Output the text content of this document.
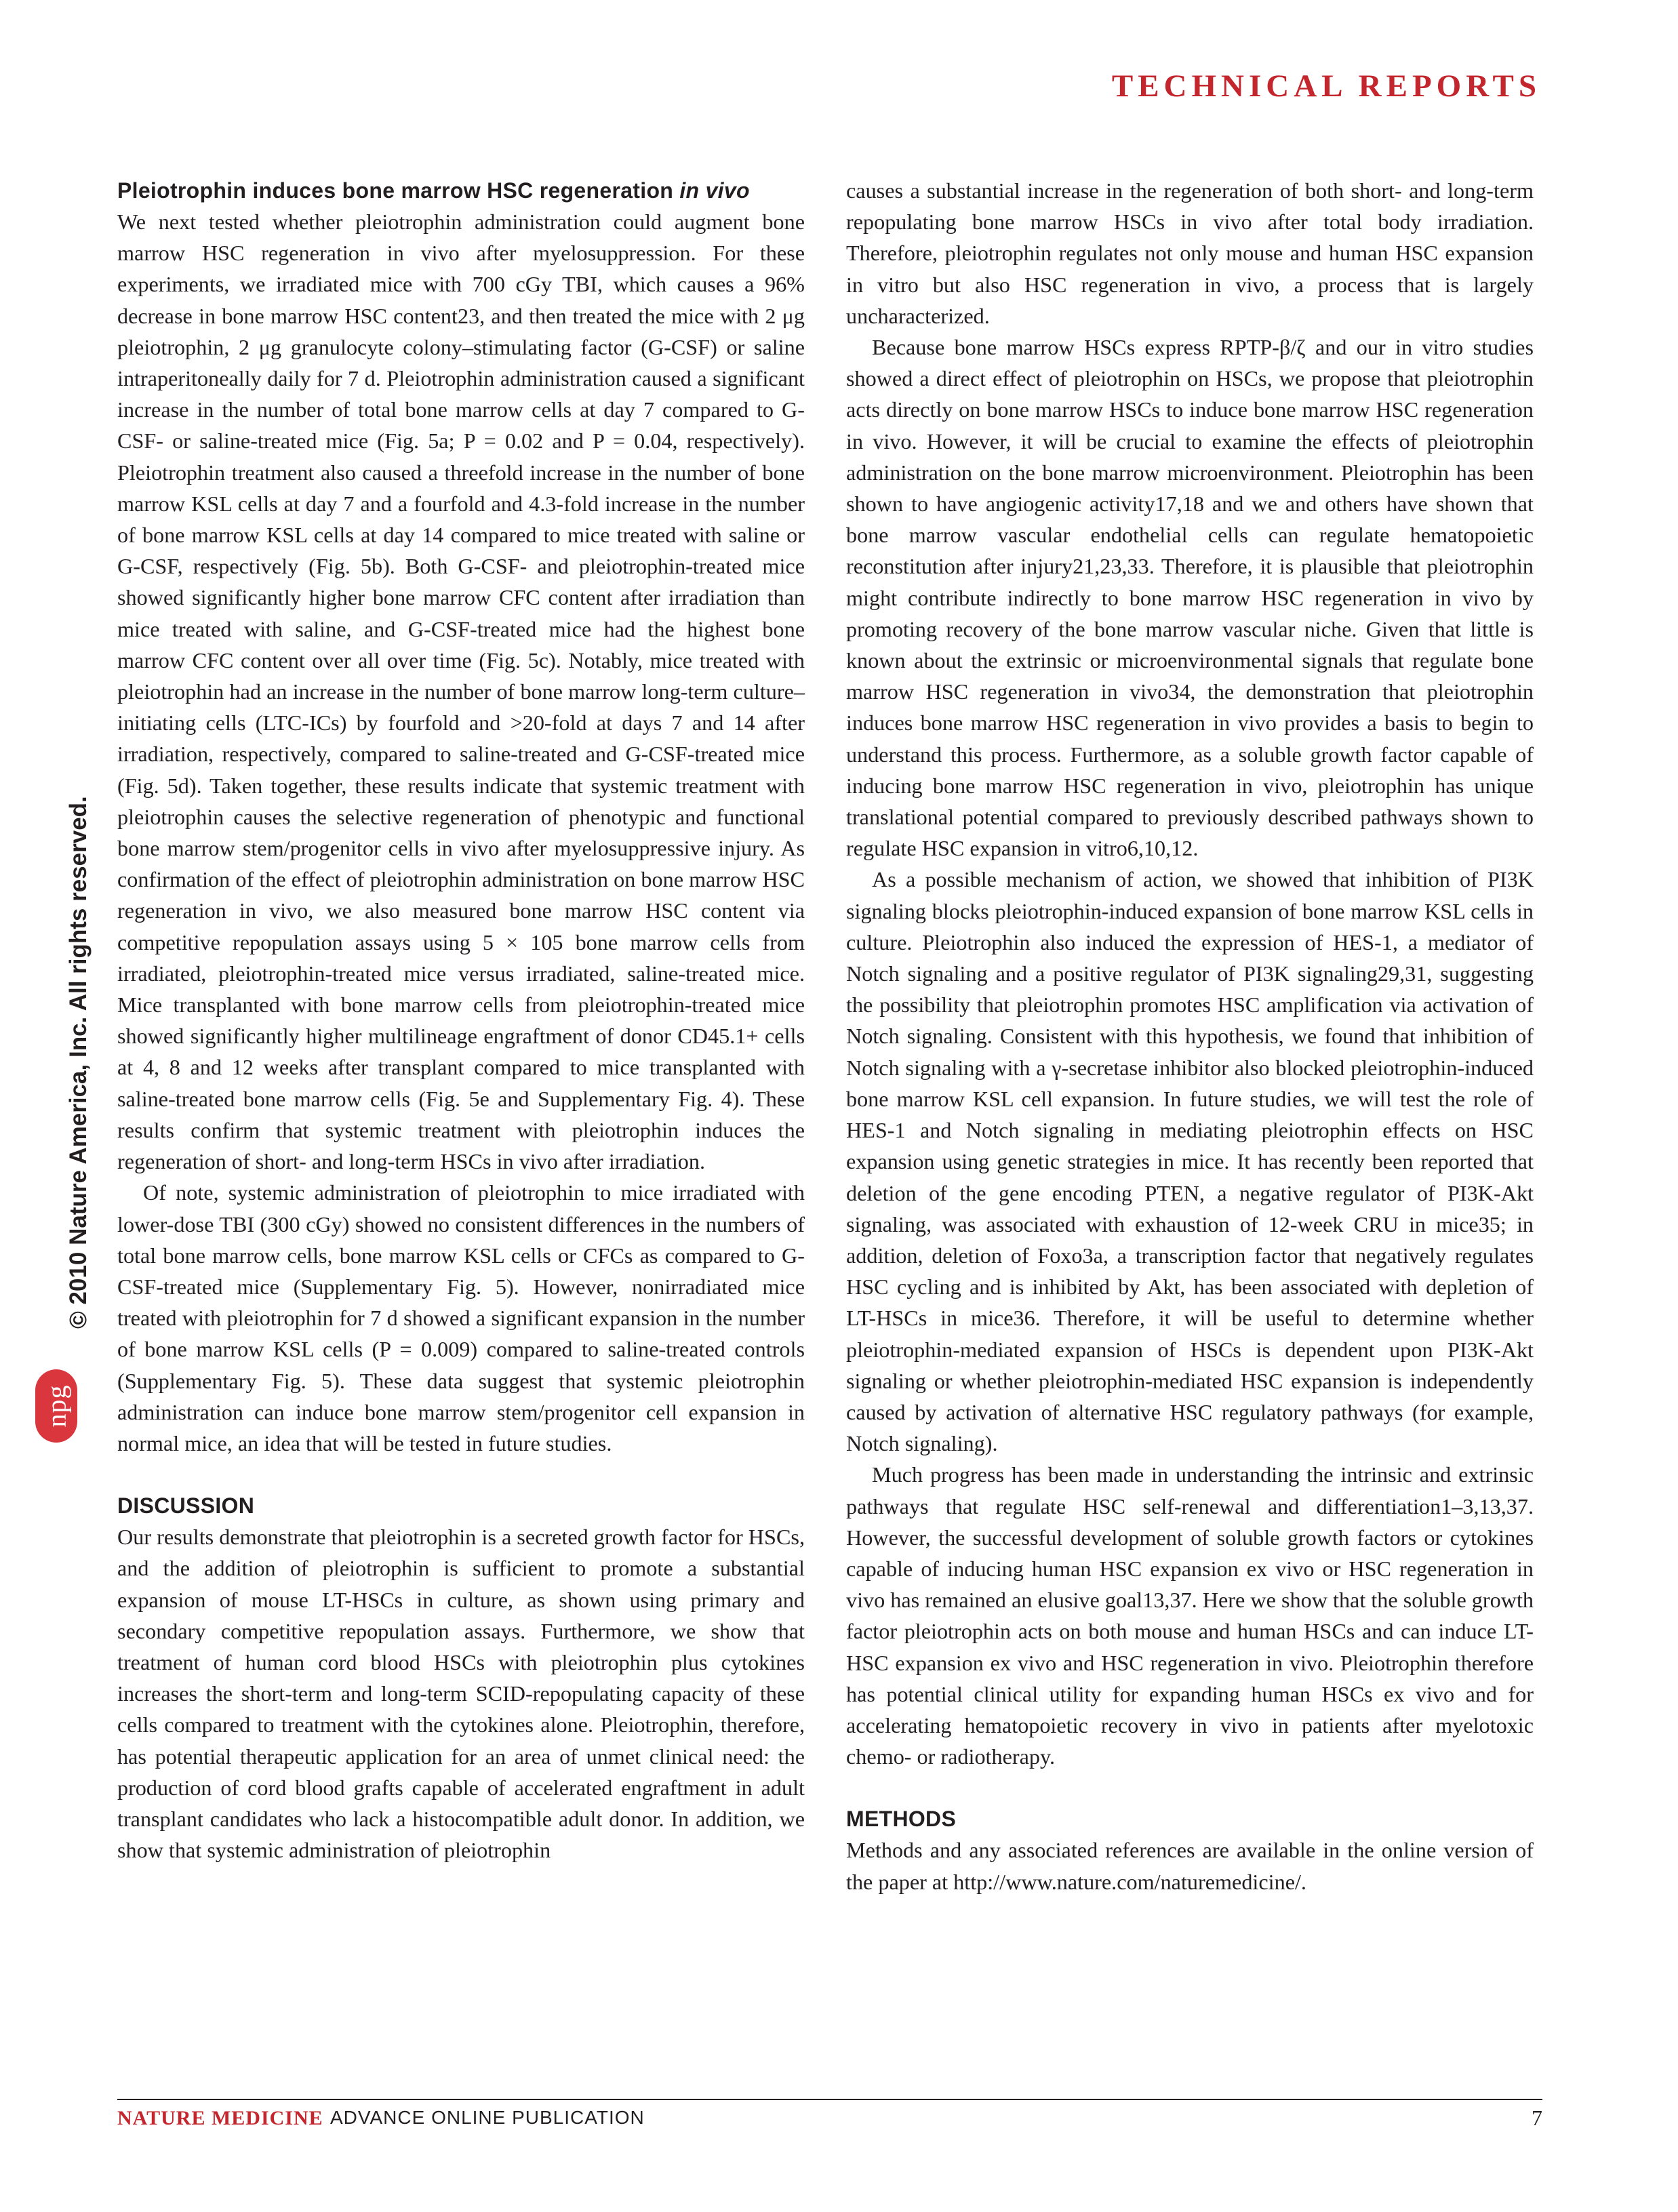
TECHNICAL REPORTS
© 2010 Nature America, Inc. All rights reserved.
npg
Pleiotrophin induces bone marrow HSC regeneration in vivo

We next tested whether pleiotrophin administration could augment bone marrow HSC regeneration in vivo after myelosuppression. For these experiments, we irradiated mice with 700 cGy TBI, which causes a 96% decrease in bone marrow HSC content23, and then treated the mice with 2 μg pleiotrophin, 2 μg granulocyte colony–stimulating factor (G-CSF) or saline intraperitoneally daily for 7 d. Pleiotrophin administration caused a significant increase in the number of total bone marrow cells at day 7 compared to G-CSF- or saline-treated mice (Fig. 5a; P = 0.02 and P = 0.04, respectively). Pleiotrophin treatment also caused a threefold increase in the number of bone marrow KSL cells at day 7 and a fourfold and 4.3-fold increase in the number of bone marrow KSL cells at day 14 compared to mice treated with saline or G-CSF, respectively (Fig. 5b). Both G-CSF- and pleiotrophin-treated mice showed significantly higher bone marrow CFC content after irradiation than mice treated with saline, and G-CSF-treated mice had the highest bone marrow CFC content over all over time (Fig. 5c). Notably, mice treated with pleiotrophin had an increase in the number of bone marrow long-term culture–initiating cells (LTC-ICs) by fourfold and >20-fold at days 7 and 14 after irradiation, respectively, compared to saline-treated and G-CSF-treated mice (Fig. 5d). Taken together, these results indicate that systemic treatment with pleiotrophin causes the selective regeneration of phenotypic and functional bone marrow stem/progenitor cells in vivo after myelosuppressive injury. As confirmation of the effect of pleiotrophin administration on bone marrow HSC regeneration in vivo, we also measured bone marrow HSC content via competitive repopulation assays using 5 × 105 bone marrow cells from irradiated, pleiotrophin-treated mice versus irradiated, saline-treated mice. Mice transplanted with bone marrow cells from pleiotrophin-treated mice showed significantly higher multilineage engraftment of donor CD45.1+ cells at 4, 8 and 12 weeks after transplant compared to mice transplanted with saline-treated bone marrow cells (Fig. 5e and Supplementary Fig. 4). These results confirm that systemic treatment with pleiotrophin induces the regeneration of short- and long-term HSCs in vivo after irradiation.

Of note, systemic administration of pleiotrophin to mice irradiated with lower-dose TBI (300 cGy) showed no consistent differences in the numbers of total bone marrow cells, bone marrow KSL cells or CFCs as compared to G-CSF-treated mice (Supplementary Fig. 5). However, nonirradiated mice treated with pleiotrophin for 7 d showed a significant expansion in the number of bone marrow KSL cells (P = 0.009) compared to saline-treated controls (Supplementary Fig. 5). These data suggest that systemic pleiotrophin administration can induce bone marrow stem/progenitor cell expansion in normal mice, an idea that will be tested in future studies.

DISCUSSION

Our results demonstrate that pleiotrophin is a secreted growth factor for HSCs, and the addition of pleiotrophin is sufficient to promote a substantial expansion of mouse LT-HSCs in culture, as shown using primary and secondary competitive repopulation assays. Furthermore, we show that treatment of human cord blood HSCs with pleiotrophin plus cytokines increases the short-term and long-term SCID-repopulating capacity of these cells compared to treatment with the cytokines alone. Pleiotrophin, therefore, has potential therapeutic application for an area of unmet clinical need: the production of cord blood grafts capable of accelerated engraftment in adult transplant candidates who lack a histocompatible adult donor. In addition, we show that systemic administration of pleiotrophin

causes a substantial increase in the regeneration of both short- and long-term repopulating bone marrow HSCs in vivo after total body irradiation. Therefore, pleiotrophin regulates not only mouse and human HSC expansion in vitro but also HSC regeneration in vivo, a process that is largely uncharacterized.

Because bone marrow HSCs express RPTP-β/ζ and our in vitro studies showed a direct effect of pleiotrophin on HSCs, we propose that pleiotrophin acts directly on bone marrow HSCs to induce bone marrow HSC regeneration in vivo. However, it will be crucial to examine the effects of pleiotrophin administration on the bone marrow microenvironment. Pleiotrophin has been shown to have angiogenic activity17,18 and we and others have shown that bone marrow vascular endothelial cells can regulate hematopoietic reconstitution after injury21,23,33. Therefore, it is plausible that pleiotrophin might contribute indirectly to bone marrow HSC regeneration in vivo by promoting recovery of the bone marrow vascular niche. Given that little is known about the extrinsic or microenvironmental signals that regulate bone marrow HSC regeneration in vivo34, the demonstration that pleiotrophin induces bone marrow HSC regeneration in vivo provides a basis to begin to understand this process. Furthermore, as a soluble growth factor capable of inducing bone marrow HSC regeneration in vivo, pleiotrophin has unique translational potential compared to previously described pathways shown to regulate HSC expansion in vitro6,10,12.

As a possible mechanism of action, we showed that inhibition of PI3K signaling blocks pleiotrophin-induced expansion of bone marrow KSL cells in culture. Pleiotrophin also induced the expression of HES-1, a mediator of Notch signaling and a positive regulator of PI3K signaling29,31, suggesting the possibility that pleiotrophin promotes HSC amplification via activation of Notch signaling. Consistent with this hypothesis, we found that inhibition of Notch signaling with a γ-secretase inhibitor also blocked pleiotrophin-induced bone marrow KSL cell expansion. In future studies, we will test the role of HES-1 and Notch signaling in mediating pleiotrophin effects on HSC expansion using genetic strategies in mice. It has recently been reported that deletion of the gene encoding PTEN, a negative regulator of PI3K-Akt signaling, was associated with exhaustion of 12-week CRU in mice35; in addition, deletion of Foxo3a, a transcription factor that negatively regulates HSC cycling and is inhibited by Akt, has been associated with depletion of LT-HSCs in mice36. Therefore, it will be useful to determine whether pleiotrophin-mediated expansion of HSCs is dependent upon PI3K-Akt signaling or whether pleiotrophin-mediated HSC expansion is independently caused by activation of alternative HSC regulatory pathways (for example, Notch signaling).

Much progress has been made in understanding the intrinsic and extrinsic pathways that regulate HSC self-renewal and differentiation1–3,13,37. However, the successful development of soluble growth factors or cytokines capable of inducing human HSC expansion ex vivo or HSC regeneration in vivo has remained an elusive goal13,37. Here we show that the soluble growth factor pleiotrophin acts on both mouse and human HSCs and can induce LT-HSC expansion ex vivo and HSC regeneration in vivo. Pleiotrophin therefore has potential clinical utility for expanding human HSCs ex vivo and for accelerating hematopoietic recovery in vivo in patients after myelotoxic chemo- or radiotherapy.

METHODS

Methods and any associated references are available in the online version of the paper at http://www.nature.com/naturemedicine/.

NATURE MEDICINE ADVANCE ONLINE PUBLICATION	7
